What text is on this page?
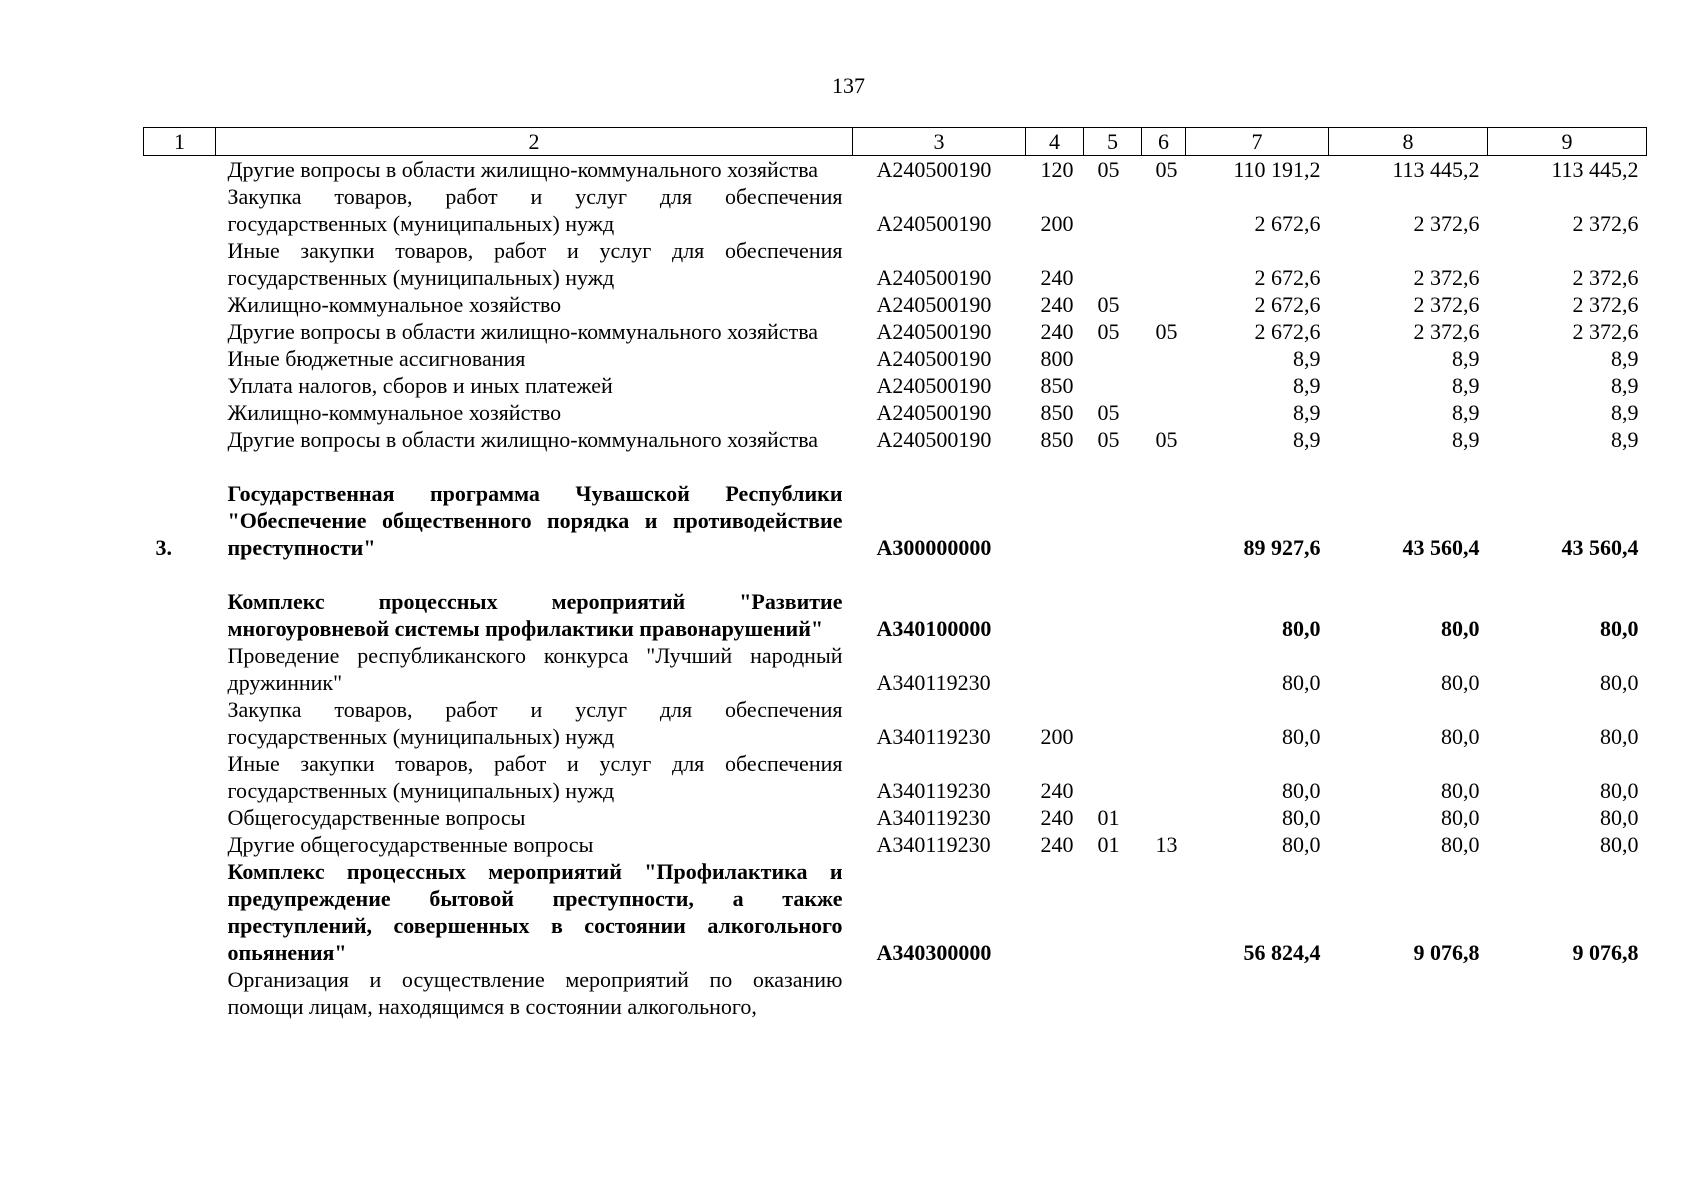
137
1	2	3	4	5	6	7	8	9
	Другие вопросы в области жилищно-коммунального хозяйства	А240500190	120	05	05	110 191,2	113 445,2	113 445,2
	Закупка товаров, работ и услуг для обеспечения государственных (муниципальных) нужд	А240500190	200			2 672,6	2 372,6	2 372,6
	Иные закупки товаров, работ и услуг для обеспечения государственных (муниципальных) нужд	А240500190	240			2 672,6	2 372,6	2 372,6
	Жилищно-коммунальное хозяйство	А240500190	240	05		2 672,6	2 372,6	2 372,6
	Другие вопросы в области жилищно-коммунального хозяйства	А240500190	240	05	05	2 672,6	2 372,6	2 372,6
	Иные бюджетные ассигнования	А240500190	800			8,9	8,9	8,9
	Уплата налогов, сборов и иных платежей	А240500190	850			8,9	8,9	8,9
	Жилищно-коммунальное хозяйство	А240500190	850	05		8,9	8,9	8,9
	Другие вопросы в области жилищно-коммунального хозяйства	А240500190	850	05	05	8,9	8,9	8,9
3.	Государственная программа Чувашской Республики "Обеспечение общественного порядка и противодействие преступности"	А300000000				89 927,6	43 560,4	43 560,4
	Комплекс процессных мероприятий "Развитие многоуровневой системы профилактики правонарушений"	А340100000				80,0	80,0	80,0
	Проведение республиканского конкурса "Лучший народный дружинник"	А340119230				80,0	80,0	80,0
	Закупка товаров, работ и услуг для обеспечения государственных (муниципальных) нужд	А340119230	200			80,0	80,0	80,0
	Иные закупки товаров, работ и услуг для обеспечения государственных (муниципальных) нужд	А340119230	240			80,0	80,0	80,0
	Общегосударственные вопросы	А340119230	240	01		80,0	80,0	80,0
	Другие общегосударственные вопросы	А340119230	240	01	13	80,0	80,0	80,0
	Комплекс процессных мероприятий "Профилактика и предупреждение бытовой преступности, а также преступлений, совершенных в состоянии алкогольного опьянения"	А340300000				56 824,4	9 076,8	9 076,8
	Организация и осуществление мероприятий по оказанию помощи лицам, находящимся в состоянии алкогольного,							
